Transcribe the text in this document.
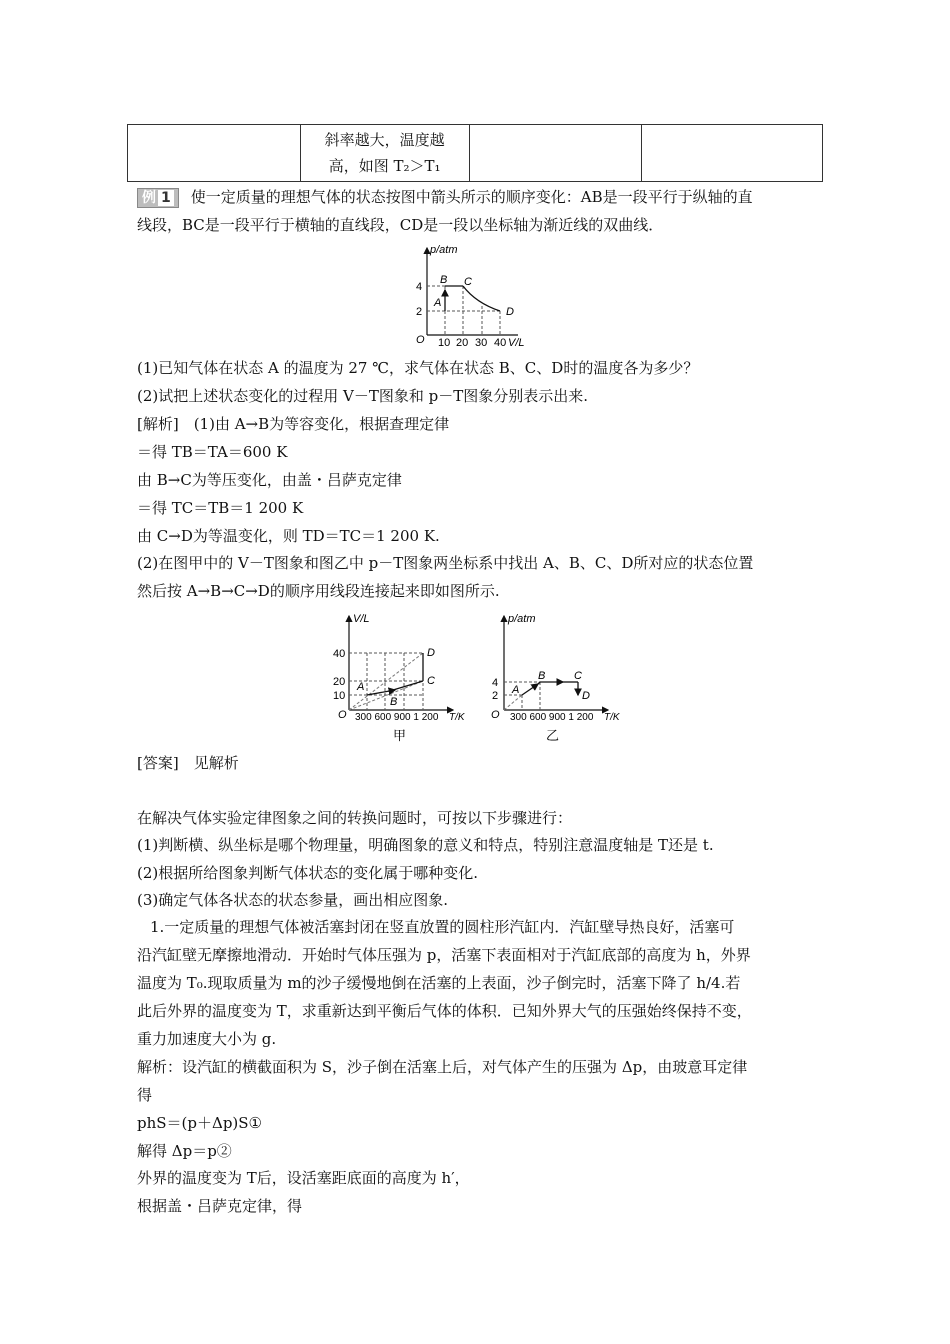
斜率越大，温度越
高，如图 T₂＞T₁

例 1 使一定质量的理想气体的状态按图中箭头所示的顺序变化：AB是一段平行于纵轴的直
线段，BC是一段平行于横轴的直线段，CD是一段以坐标轴为渐近线的双曲线．
p/atm
4
2
O 10 20 30 40 V/L
A
B C
D
(1)已知气体在状态 A 的温度为 27 ℃，求气体在状态 B、C、D时的温度各为多少？
(2)试把上述状态变化的过程用 V－T图象和 p－T图象分别表示出来.
[解析]　(1)由 A→B为等容变化，根据查理定律
＝得 TB＝TA＝600 K
由 B→C为等压变化，由盖・吕萨克定律
＝得 TC＝TB＝1 200 K
由 C→D为等温变化，则 TD＝TC＝1 200 K.
(2)在图甲中的 V－T图象和图乙中 p－T图象两坐标系中找出 A、B、C、D所对应的状态位置
然后按 A→B→C→D的顺序用线段连接起来即如图所示.
V/L
40
20
10
O 300 600 900 1 200 T/K
A
B
C
D
甲
p/atm
4
2
O 300 600 900 1 200 T/K
A
B	C
D
乙
[答案]　见解析
在解决气体实验定律图象之间的转换问题时，可按以下步骤进行：
(1)判断横、纵坐标是哪个物理量，明确图象的意义和特点，特别注意温度轴是 T还是 t.
(2)根据所给图象判断气体状态的变化属于哪种变化.
(3)确定气体各状态的状态参量，画出相应图象.
1.一定质量的理想气体被活塞封闭在竖直放置的圆柱形汽缸内．汽缸壁导热良好，活塞可
沿汽缸壁无摩擦地滑动．开始时气体压强为 p，活塞下表面相对于汽缸底部的高度为 h，外界
温度为 T₀.现取质量为 m的沙子缓慢地倒在活塞的上表面，沙子倒完时，活塞下降了 h/4.若
此后外界的温度变为 T，求重新达到平衡后气体的体积．已知外界大气的压强始终保持不变，
重力加速度大小为 g.
解析：设汽缸的横截面积为 S，沙子倒在活塞上后，对气体产生的压强为 Δp，由玻意耳定律
得
phS＝(p＋Δp)S①
解得 Δp＝p②
外界的温度变为 T后，设活塞距底面的高度为 h′，
根据盖・吕萨克定律，得
